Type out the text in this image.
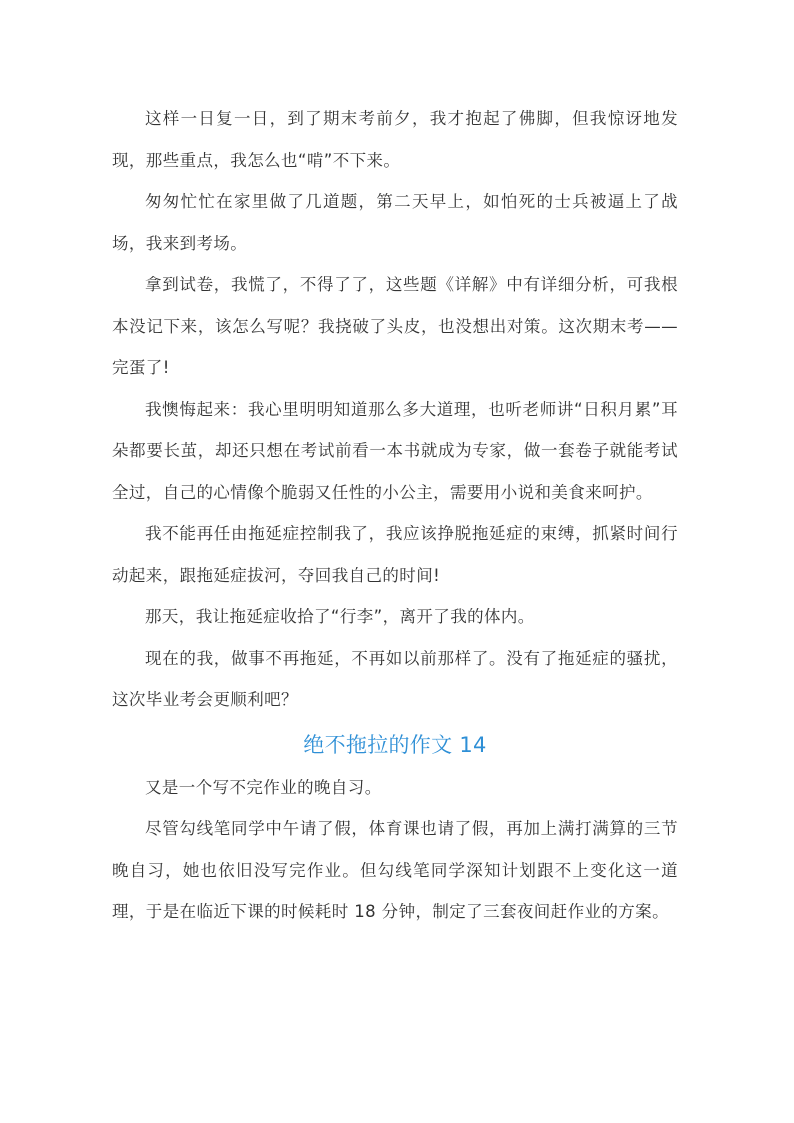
这样一日复一日，到了期末考前夕，我才抱起了佛脚，但我惊讶地发现，那些重点，我怎么也“啃”不下来。

匆匆忙忙在家里做了几道题，第二天早上，如怕死的士兵被逼上了战场，我来到考场。

拿到试卷，我慌了，不得了了，这些题《详解》中有详细分析，可我根本没记下来，该怎么写呢？我挠破了头皮，也没想出对策。这次期末考——完蛋了!

我懊悔起来：我心里明明知道那么多大道理，也听老师讲“日积月累”耳朵都要长茧，却还只想在考试前看一本书就成为专家，做一套卷子就能考试全过，自己的心情像个脆弱又任性的小公主，需要用小说和美食来呵护。

我不能再任由拖延症控制我了，我应该挣脱拖延症的束缚，抓紧时间行动起来，跟拖延症拔河，夺回我自己的时间!

那天，我让拖延症收拾了“行李”，离开了我的体内。

现在的我，做事不再拖延，不再如以前那样了。没有了拖延症的骚扰，这次毕业考会更顺利吧？

绝不拖拉的作文 14

又是一个写不完作业的晚自习。

尽管勾线笔同学中午请了假，体育课也请了假，再加上满打满算的三节晚自习，她也依旧没写完作业。但勾线笔同学深知计划跟不上变化这一道理，于是在临近下课的时候耗时 18 分钟，制定了三套夜间赶作业的方案。
